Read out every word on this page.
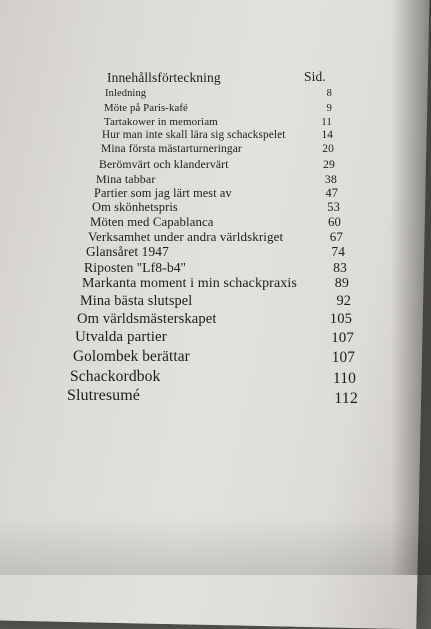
Innehållsförteckning	Sid.
Inledning	8
Möte på Paris-kafé	9
Tartakower in memoriam	11
Hur man inte skall lära sig schackspelet	14
Mina första mästarturneringar	20
Berömvärt och klandervärt	29
Mina tabbar	38
Partier som jag lärt mest av	47
Om skönhetspris	53
Möten med Capablanca	60
Verksamhet under andra världskriget	67
Glansåret 1947	74
Riposten ''Lf8-b4''	83
Markanta moment i min schackpraxis	89
Mina bästa slutspel	92
Om världsmästerskapet	105
Utvalda partier	107
Golombek berättar	107
Schackordbok	110
Slutresumé	112
